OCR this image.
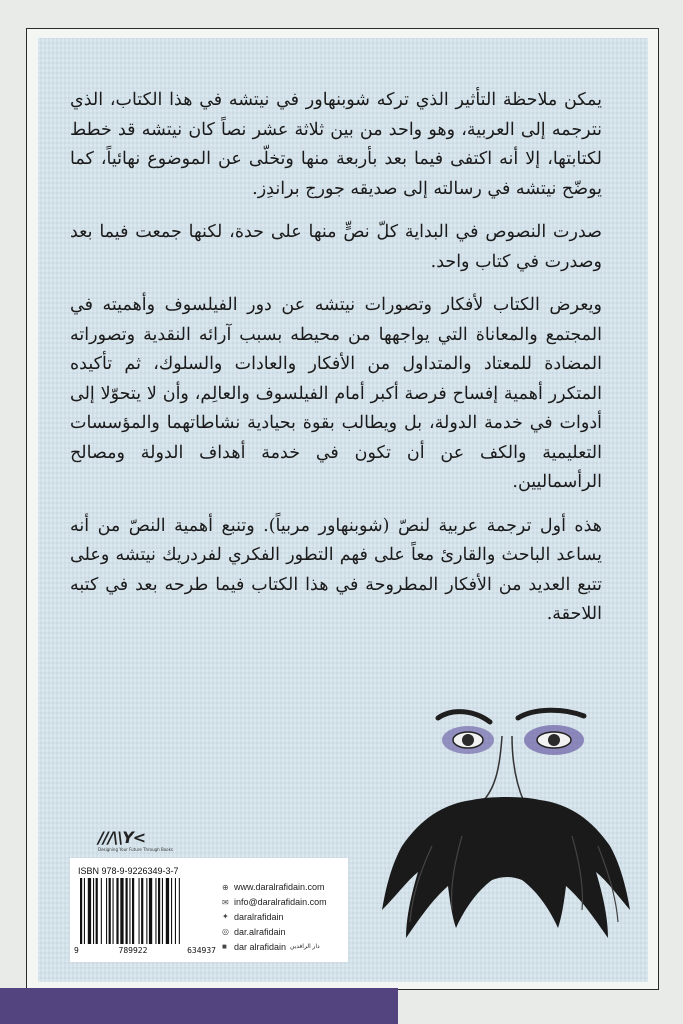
يمكن ملاحظة التأثير الذي تركه شوبنهاور في نيتشه في هذا الكتاب، الذي نترجمه إلى العربية، وهو واحد من بين ثلاثة عشر نصاً كان نيتشه قد خطط لكتابتها، إلا أنه اكتفى فيما بعد بأربعة منها وتخلّى عن الموضوع نهائياً، كما يوضّح نيتشه في رسالته إلى صديقه جورج براندِز.

صدرت النصوص في البداية كلّ نصٍّ منها على حدة، لكنها جمعت فيما بعد وصدرت في كتاب واحد.

ويعرض الكتاب لأفكار وتصورات نيتشه عن دور الفيلسوف وأهميته في المجتمع والمعاناة التي يواجهها من محيطه بسبب آرائه النقدية وتصوراته المضادة للمعتاد والمتداول من الأفكار والعادات والسلوك، ثم تأكيده المتكرر أهمية إفساح فرصة أكبر أمام الفيلسوف والعالِم، وأن لا يتحوّلا إلى أدوات في خدمة الدولة، بل ويطالب بقوة بحيادية نشاطاتهما والمؤسسات التعليمية والكف عن أن تكون في خدمة أهداف الدولة ومصالح الرأسماليين.

هذه أول ترجمة عربية لنصّ (شوبنهاور مربياً). وتنبع أهمية النصّ من أنه يساعد الباحث والقارئ معاً على فهم التطور الفكري لفردريك نيتشه وعلى تتبع العديد من الأفكار المطروحة في هذا الكتاب فيما طرحه بعد في كتبه اللاحقة.

///\\Y<
Designing Your Future Through Books
ISBN 978-9-9226349-3-7
9	789922	634937
⊕ www.daralrafidain.com
✉ info@daralrafidain.com
✦ daralrafidain
◎ dar.alrafidain
■ dar alrafidain دار الرافدين
